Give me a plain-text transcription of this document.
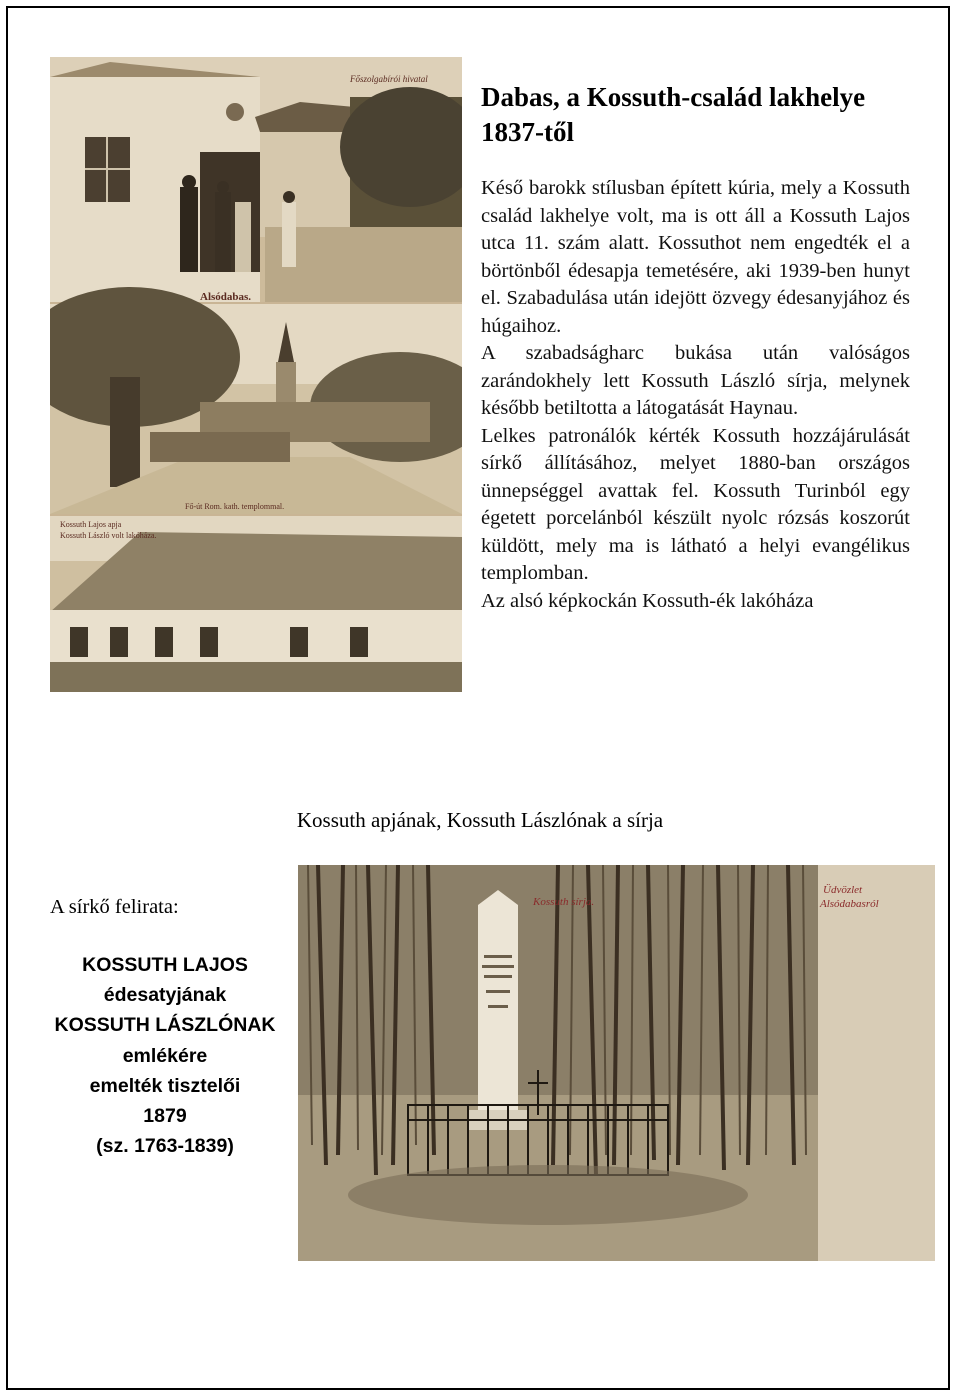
Főszolgabírói hivatal
Alsódabas.
Fő-út Rom. kath. templommal.
Kossuth Lajos apja
Kossuth László volt lakóháza.
Dabas, a Kossuth-család lakhelye
1837-től

Késő barokk stílusban épített kúria, mely a Kossuth család lakhelye volt, ma is ott áll a Kossuth Lajos utca 11. szám alatt. Kossuthot nem engedték el a börtönből édesapja temetésére, aki 1939-ben hunyt el. Szabadulása után idejött özvegy édesanyjához és húgaihoz.

A szabadságharc bukása után valóságos zarándokhely lett Kossuth László sírja, melynek később betiltotta a látogatását Haynau.

Lelkes patronálók kérték Kossuth hozzájárulását sírkő állításához, melyet 1880-ban országos ünnepséggel avattak fel. Kossuth Turinból egy égetett porcelánból készült nyolc rózsás koszorút küldött, mely ma is látható a helyi evangélikus templomban.

Az alsó képkockán Kossuth-ék lakóháza

Kossuth apjának, Kossuth Lászlónak a sírja
A sírkő felirata:
KOSSUTH LAJOS
édesatyjának
KOSSUTH LÁSZLÓNAK
emlékére
emelték tisztelői
1879
(sz. 1763-1839)
Kossuth sírja.
Üdvözlet
Alsódabasról
